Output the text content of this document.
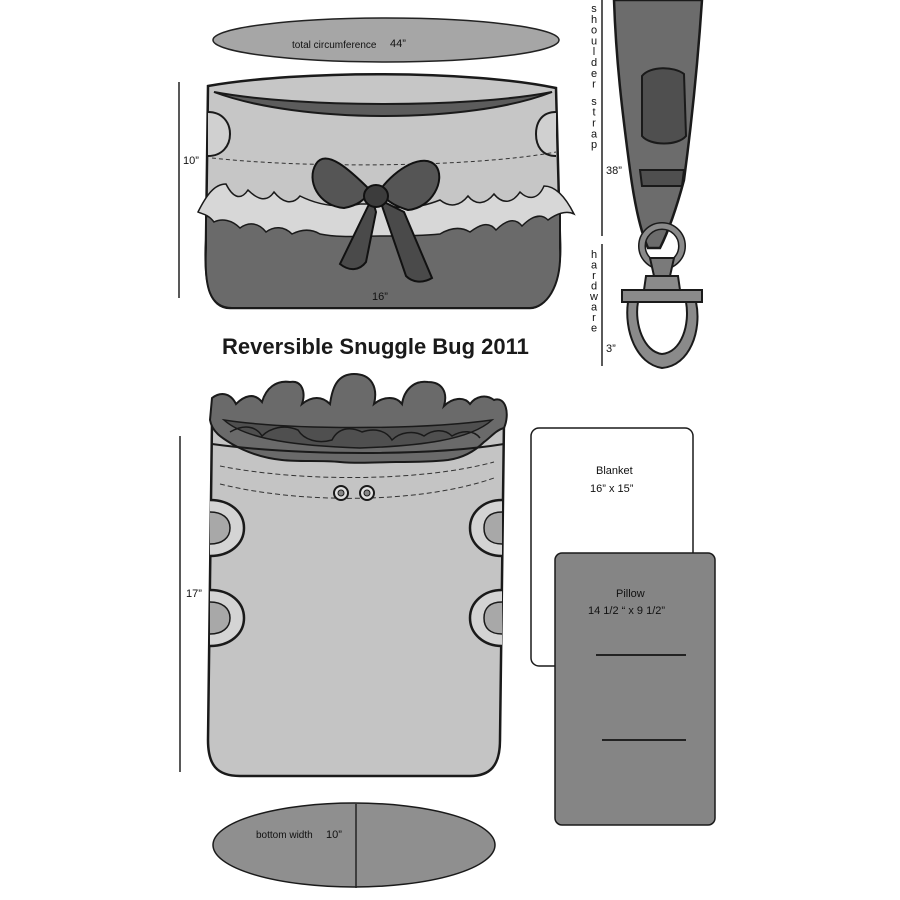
total circumference 44”
10”
16”
Reversible Snuggle Bug 2011
s h o u l d e r s t r a p
38”
h a r d w a r e
3”
17”
Blanket
16” x 15”
Pillow
14 1/2 “ x 9 1/2”
bottom width 10”
